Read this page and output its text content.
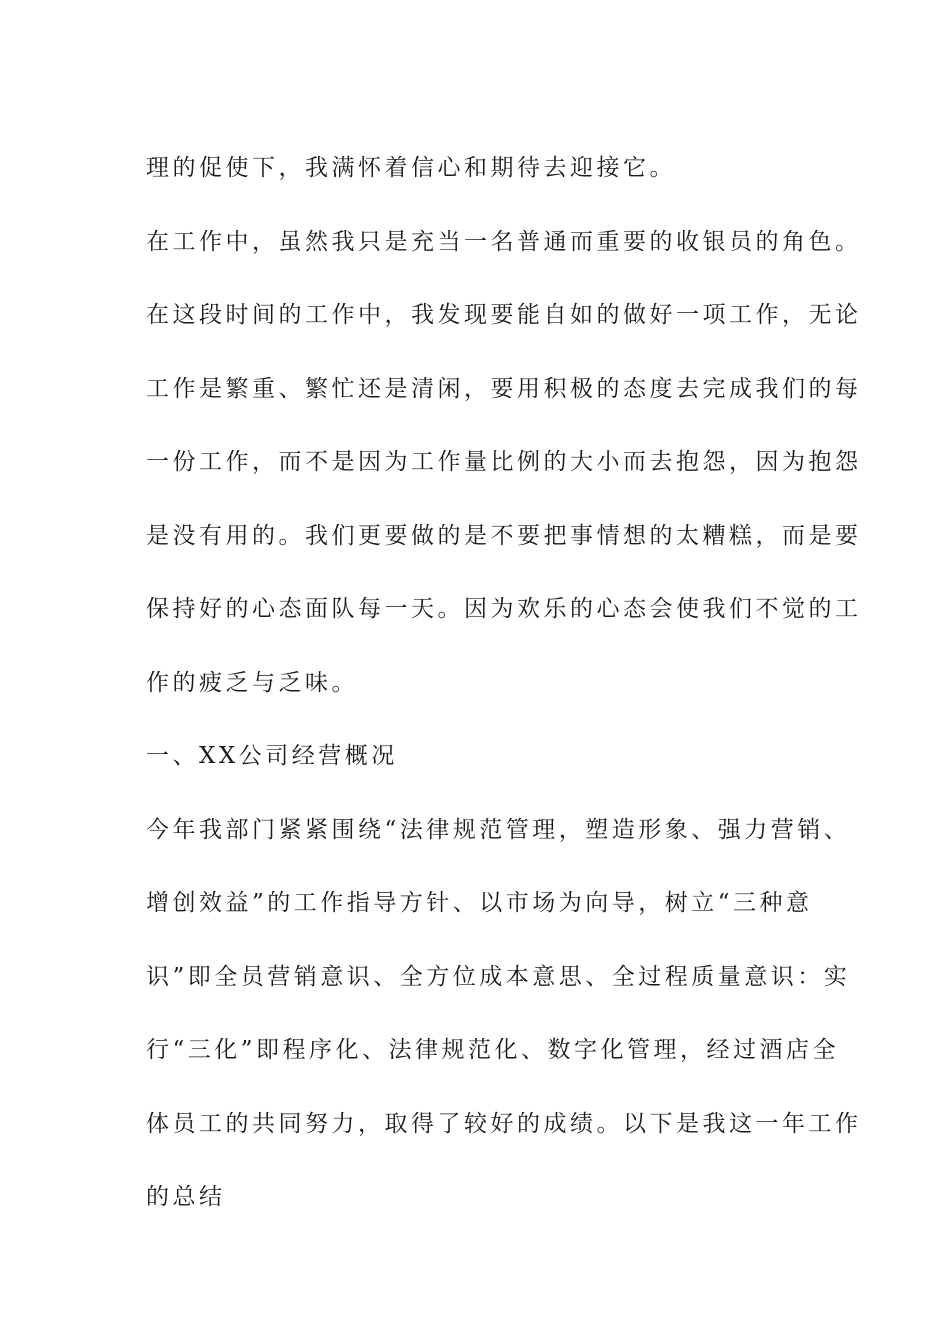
理的促使下，我满怀着信心和期待去迎接它。
在工作中，虽然我只是充当一名普通而重要的收银员的角色。
在这段时间的工作中，我发现要能自如的做好一项工作，无论
工作是繁重、繁忙还是清闲，要用积极的态度去完成我们的每
一份工作，而不是因为工作量比例的大小而去抱怨，因为抱怨
是没有用的。我们更要做的是不要把事情想的太糟糕，而是要
保持好的心态面队每一天。因为欢乐的心态会使我们不觉的工
作的疲乏与乏味。
一、XX公司经营概况
今年我部门紧紧围绕“法律规范管理，塑造形象、强力营销、
增创效益”的工作指导方针、以市场为向导，树立“三种意
识”即全员营销意识、全方位成本意思、全过程质量意识：实
行“三化”即程序化、法律规范化、数字化管理，经过酒店全
体员工的共同努力，取得了较好的成绩。以下是我这一年工作
的总结
